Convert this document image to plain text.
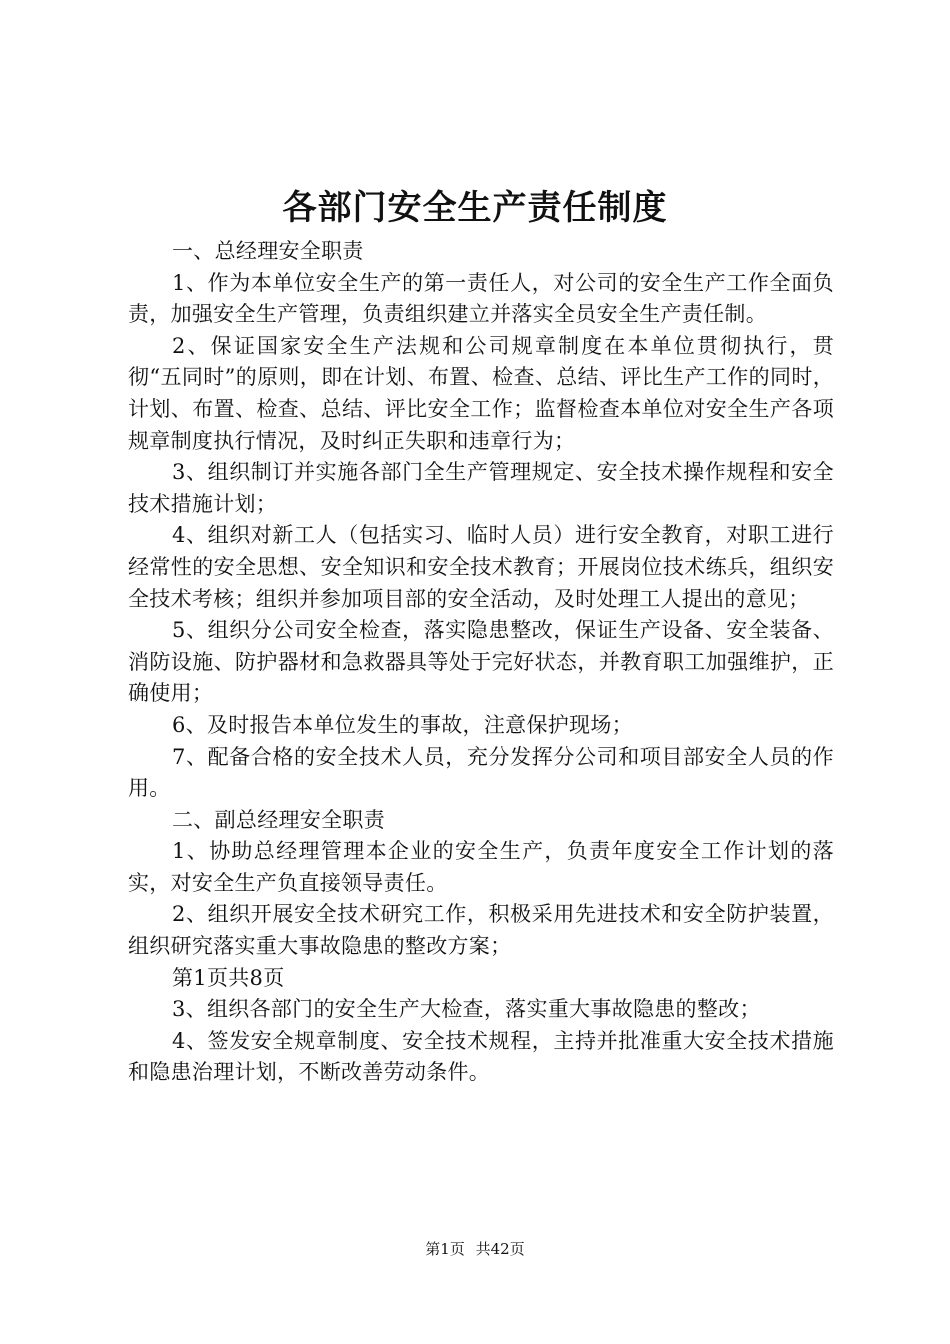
各部门安全生产责任制度

一、总经理安全职责

1、作为本单位安全生产的第一责任人，对公司的安全生产工作全面负责，加强安全生产管理，负责组织建立并落实全员安全生产责任制。

2、保证国家安全生产法规和公司规章制度在本单位贯彻执行，贯彻“五同时”的原则，即在计划、布置、检查、总结、评比生产工作的同时，计划、布置、检查、总结、评比安全工作；监督检查本单位对安全生产各项规章制度执行情况，及时纠正失职和违章行为；

3、组织制订并实施各部门全生产管理规定、安全技术操作规程和安全技术措施计划；

4、组织对新工人（包括实习、临时人员）进行安全教育，对职工进行经常性的安全思想、安全知识和安全技术教育；开展岗位技术练兵，组织安全技术考核；组织并参加项目部的安全活动，及时处理工人提出的意见；

5、组织分公司安全检查，落实隐患整改，保证生产设备、安全装备、消防设施、防护器材和急救器具等处于完好状态，并教育职工加强维护，正确使用；

6、及时报告本单位发生的事故，注意保护现场；

7、配备合格的安全技术人员，充分发挥分公司和项目部安全人员的作用。

二、副总经理安全职责

1、协助总经理管理本企业的安全生产，负责年度安全工作计划的落实，对安全生产负直接领导责任。

2、组织开展安全技术研究工作，积极采用先进技术和安全防护装置，组织研究落实重大事故隐患的整改方案；

第1页共8页

3、组织各部门的安全生产大检查，落实重大事故隐患的整改；

4、签发安全规章制度、安全技术规程，主持并批准重大安全技术措施和隐患治理计划，不断改善劳动条件。

第1页 共42页
